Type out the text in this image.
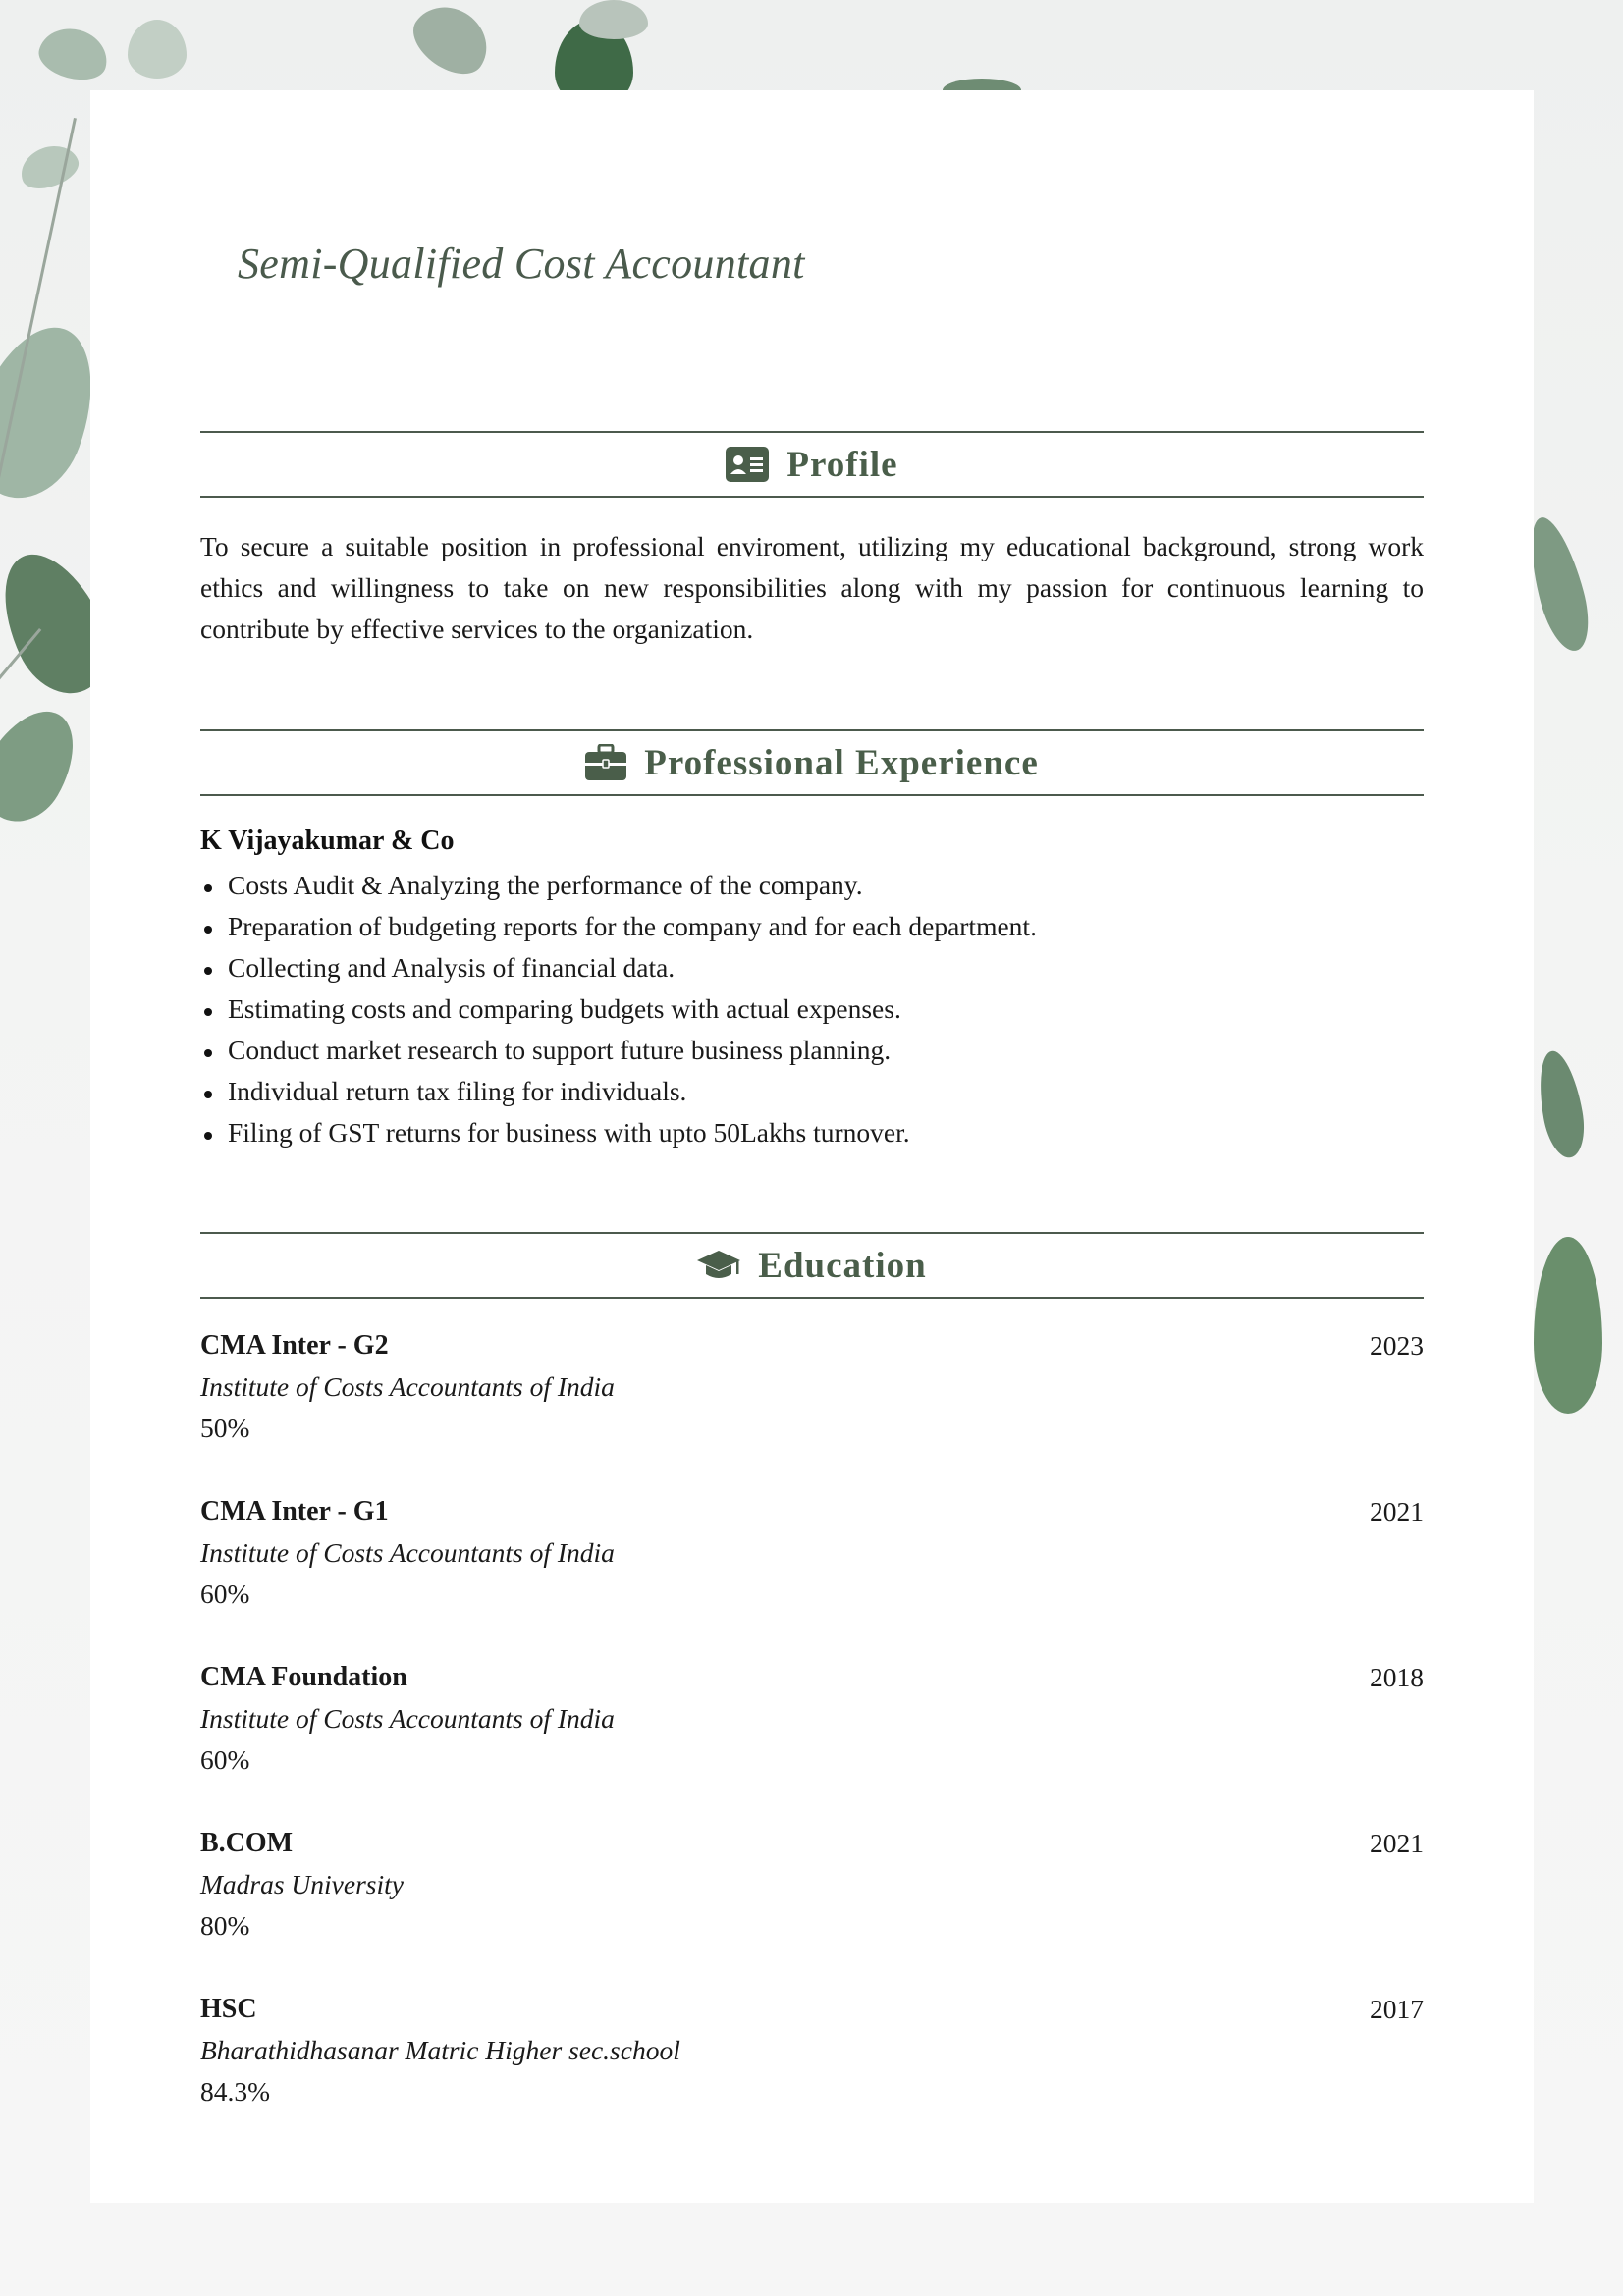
Semi-Qualified Cost Accountant
Profile
To secure a suitable position in professional enviroment, utilizing my educational background, strong work ethics and willingness to take on new responsibilities along with my passion for continuous learning to contribute by effective services to the organization.
Professional Experience
K Vijayakumar & Co
Costs Audit & Analyzing the performance of the company.
Preparation of budgeting reports for the company and for each department.
Collecting and Analysis of financial data.
Estimating costs and comparing budgets with actual expenses.
Conduct market research to support future business planning.
Individual return tax filing for individuals.
Filing of GST returns for business with upto 50Lakhs turnover.
Education
CMA Inter - G2	2023
Institute of Costs Accountants of India
50%
CMA Inter - G1	2021
Institute of Costs Accountants of India
60%
CMA Foundation	2018
Institute of Costs Accountants of India
60%
B.COM	2021
Madras University
80%
HSC	2017
Bharathidhasanar Matric Higher sec.school
84.3%
